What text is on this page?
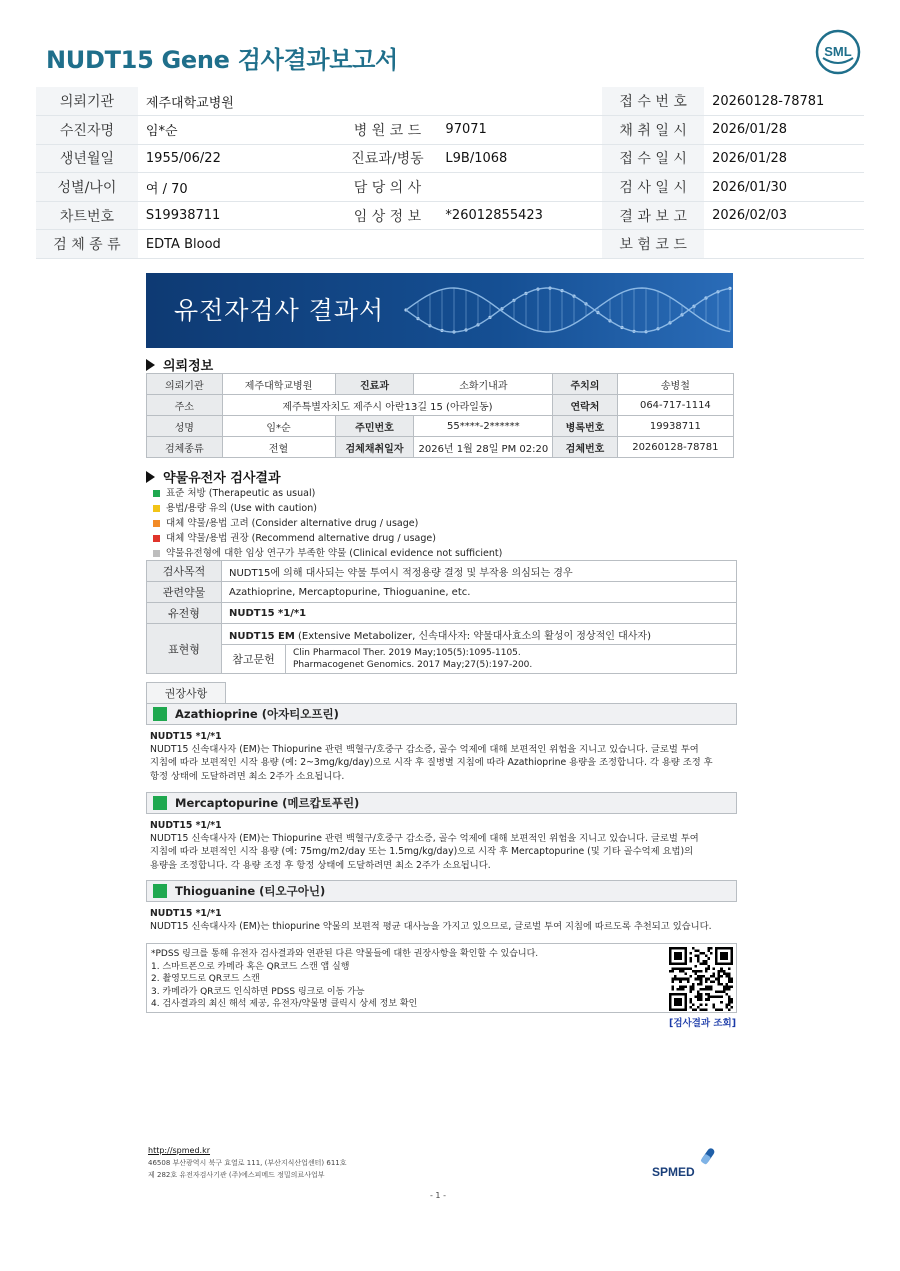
NUDT15 Gene 검사결과보고서	SML
의뢰기관	제주대학교병원			접 수 번 호	20260128-78781
수진자명	임*순	병 원 코 드	97071	채 취 일 시	2026/01/28
생년월일	1955/06/22	진료과/병동	L9B/1068	접 수 일 시	2026/01/28
성별/나이	여 / 70	담 당 의 사		검 사 일 시	2026/01/30
차트번호	S19938711	임 상 정 보	*26012855423	결 과 보 고	2026/02/03
검 체 종 류	EDTA Blood			보 험 코 드	
유전자검사 결과서
의뢰정보
의뢰기관	제주대학교병원	진료과	소화기내과	주치의	송병철
주소	제주특별자치도 제주시 아란13길 15 (아라일동)			연락처	064-717-1114
성명	임*순	주민번호	55****-2******	병록번호	19938711
검체종류	전혈	검체채취일자	2026년 1월 28일 PM 02:20	검체번호	20260128-78781
약물유전자 검사결과
표준 처방 (Therapeutic as usual)
용법/용량 유의 (Use with caution)
대체 약물/용법 고려 (Consider alternative drug / usage)
대체 약물/용법 권장 (Recommend alternative drug / usage)
약물유전형에 대한 임상 연구가 부족한 약물 (Clinical evidence not sufficient)
검사목적	NUDT15에 의해 대사되는 약물 투여시 적정용량 결정 및 부작용 의심되는 경우	
관련약물	Azathioprine, Mercaptopurine, Thioguanine, etc.	
유전형	NUDT15 *1/*1	
표현형	NUDT15 EM (Extensive Metabolizer, 신속대사자: 약물대사효소의 활성이 정상적인 대사자)	
	참고문헌	Clin Pharmacol Ther. 2019 May;105(5):1095-1105.
Pharmacogenet Genomics. 2017 May;27(5):197-200.
권장사항
Azathioprine (아자티오프린)
NUDT15 *1/*1
NUDT15 신속대사자 (EM)는 Thiopurine 관련 백혈구/호중구 감소증, 골수 억제에 대해 보편적인 위험을 지니고 있습니다. 글로벌 투여
지침에 따라 보편적인 시작 용량 (예: 2~3mg/kg/day)으로 시작 후 질병별 지침에 따라 Azathioprine 용량을 조정합니다. 각 용량 조정 후
항정 상태에 도달하려면 최소 2주가 소요됩니다.
Mercaptopurine (메르캅토푸린)
NUDT15 *1/*1
NUDT15 신속대사자 (EM)는 Thiopurine 관련 백혈구/호중구 감소증, 골수 억제에 대해 보편적인 위험을 지니고 있습니다. 글로벌 투여
지침에 따라 보편적인 시작 용량 (예: 75mg/m2/day 또는 1.5mg/kg/day)으로 시작 후 Mercaptopurine (및 기타 골수억제 요법)의
용량을 조정합니다. 각 용량 조정 후 항정 상태에 도달하려면 최소 2주가 소요됩니다.
Thioguanine (티오구아닌)
NUDT15 *1/*1
NUDT15 신속대사자 (EM)는 thiopurine 약물의 보편적 평균 대사능을 가지고 있으므로, 글로벌 투여 지침에 따르도록 추천되고 있습니다.
*PDSS 링크를 통해 유전자 검사결과와 연관된 다른 약물들에 대한 권장사항을 확인할 수 있습니다.
1. 스마트폰으로 카메라 혹은 QR코드 스캔 앱 실행
2. 촬영모드로 QR코드 스캔
3. 카메라가 QR코드 인식하면 PDSS 링크로 이동 가능
4. 검사결과의 최신 해석 제공, 유전자/약물명 클릭시 상세 정보 확인
[검사결과 조회]
http://spmed.kr
46508 부산광역시 북구 효열로 111, (부산지식산업센터) 611호
제 282호 유전자검사기관 (주)에스피메드 정밀의료사업부	SPMED
- 1 -
